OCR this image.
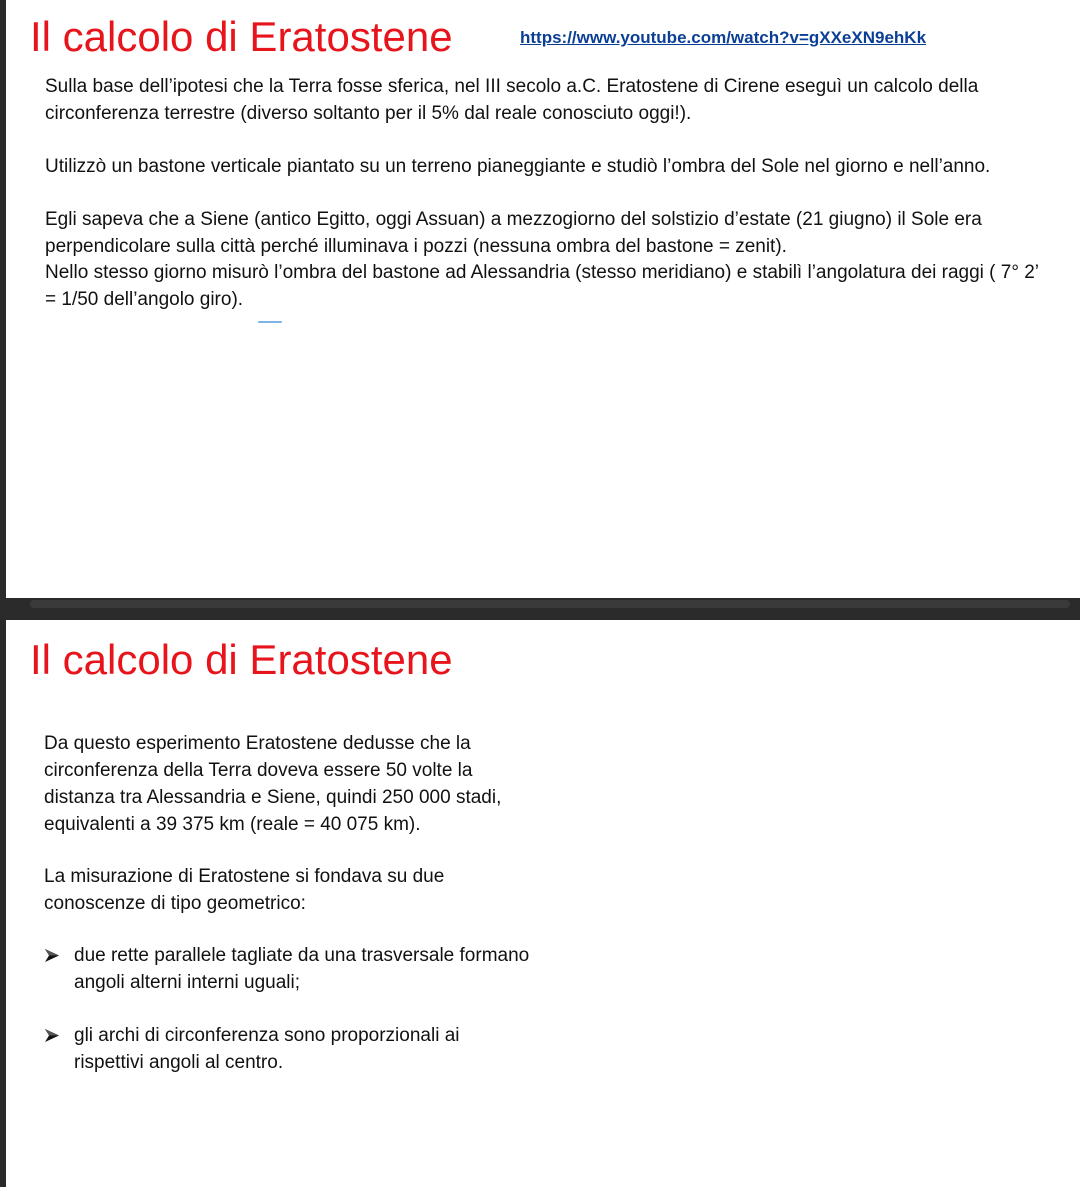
Il calcolo di Eratostene	https://www.youtube.com/watch?v=gXXeXN9ehKk
Sulla base dell’ipotesi che la Terra fosse sferica, nel III secolo a.C. Eratostene di Cirene eseguì un calcolo della circonferenza terrestre (diverso soltanto per il 5% dal reale conosciuto oggi!).
Utilizzò un bastone verticale piantato su un terreno pianeggiante e studiò l’ombra del Sole nel giorno e nell’anno.
Egli sapeva che a Siene (antico Egitto, oggi Assuan) a mezzogiorno del solstizio d’estate (21 giugno) il Sole era perpendicolare sulla città perché illuminava i pozzi (nessuna ombra del bastone = zenit).
Nello stesso giorno misurò l’ombra del bastone ad Alessandria (stesso meridiano) e stabilì l’angolatura dei raggi ( 7° 2’ = 1/50 dell’angolo giro).
Il calcolo di Eratostene
Da questo esperimento Eratostene dedusse che la circonferenza della Terra doveva essere 50 volte la distanza tra Alessandria e Siene, quindi 250 000 stadi, equivalenti a 39 375 km (reale = 40 075 km).
La misurazione di Eratostene si fondava su due conoscenze di tipo geometrico:
due rette parallele tagliate da una trasversale formano angoli alterni interni uguali;
gli archi di circonferenza sono proporzionali ai rispettivi angoli al centro.
